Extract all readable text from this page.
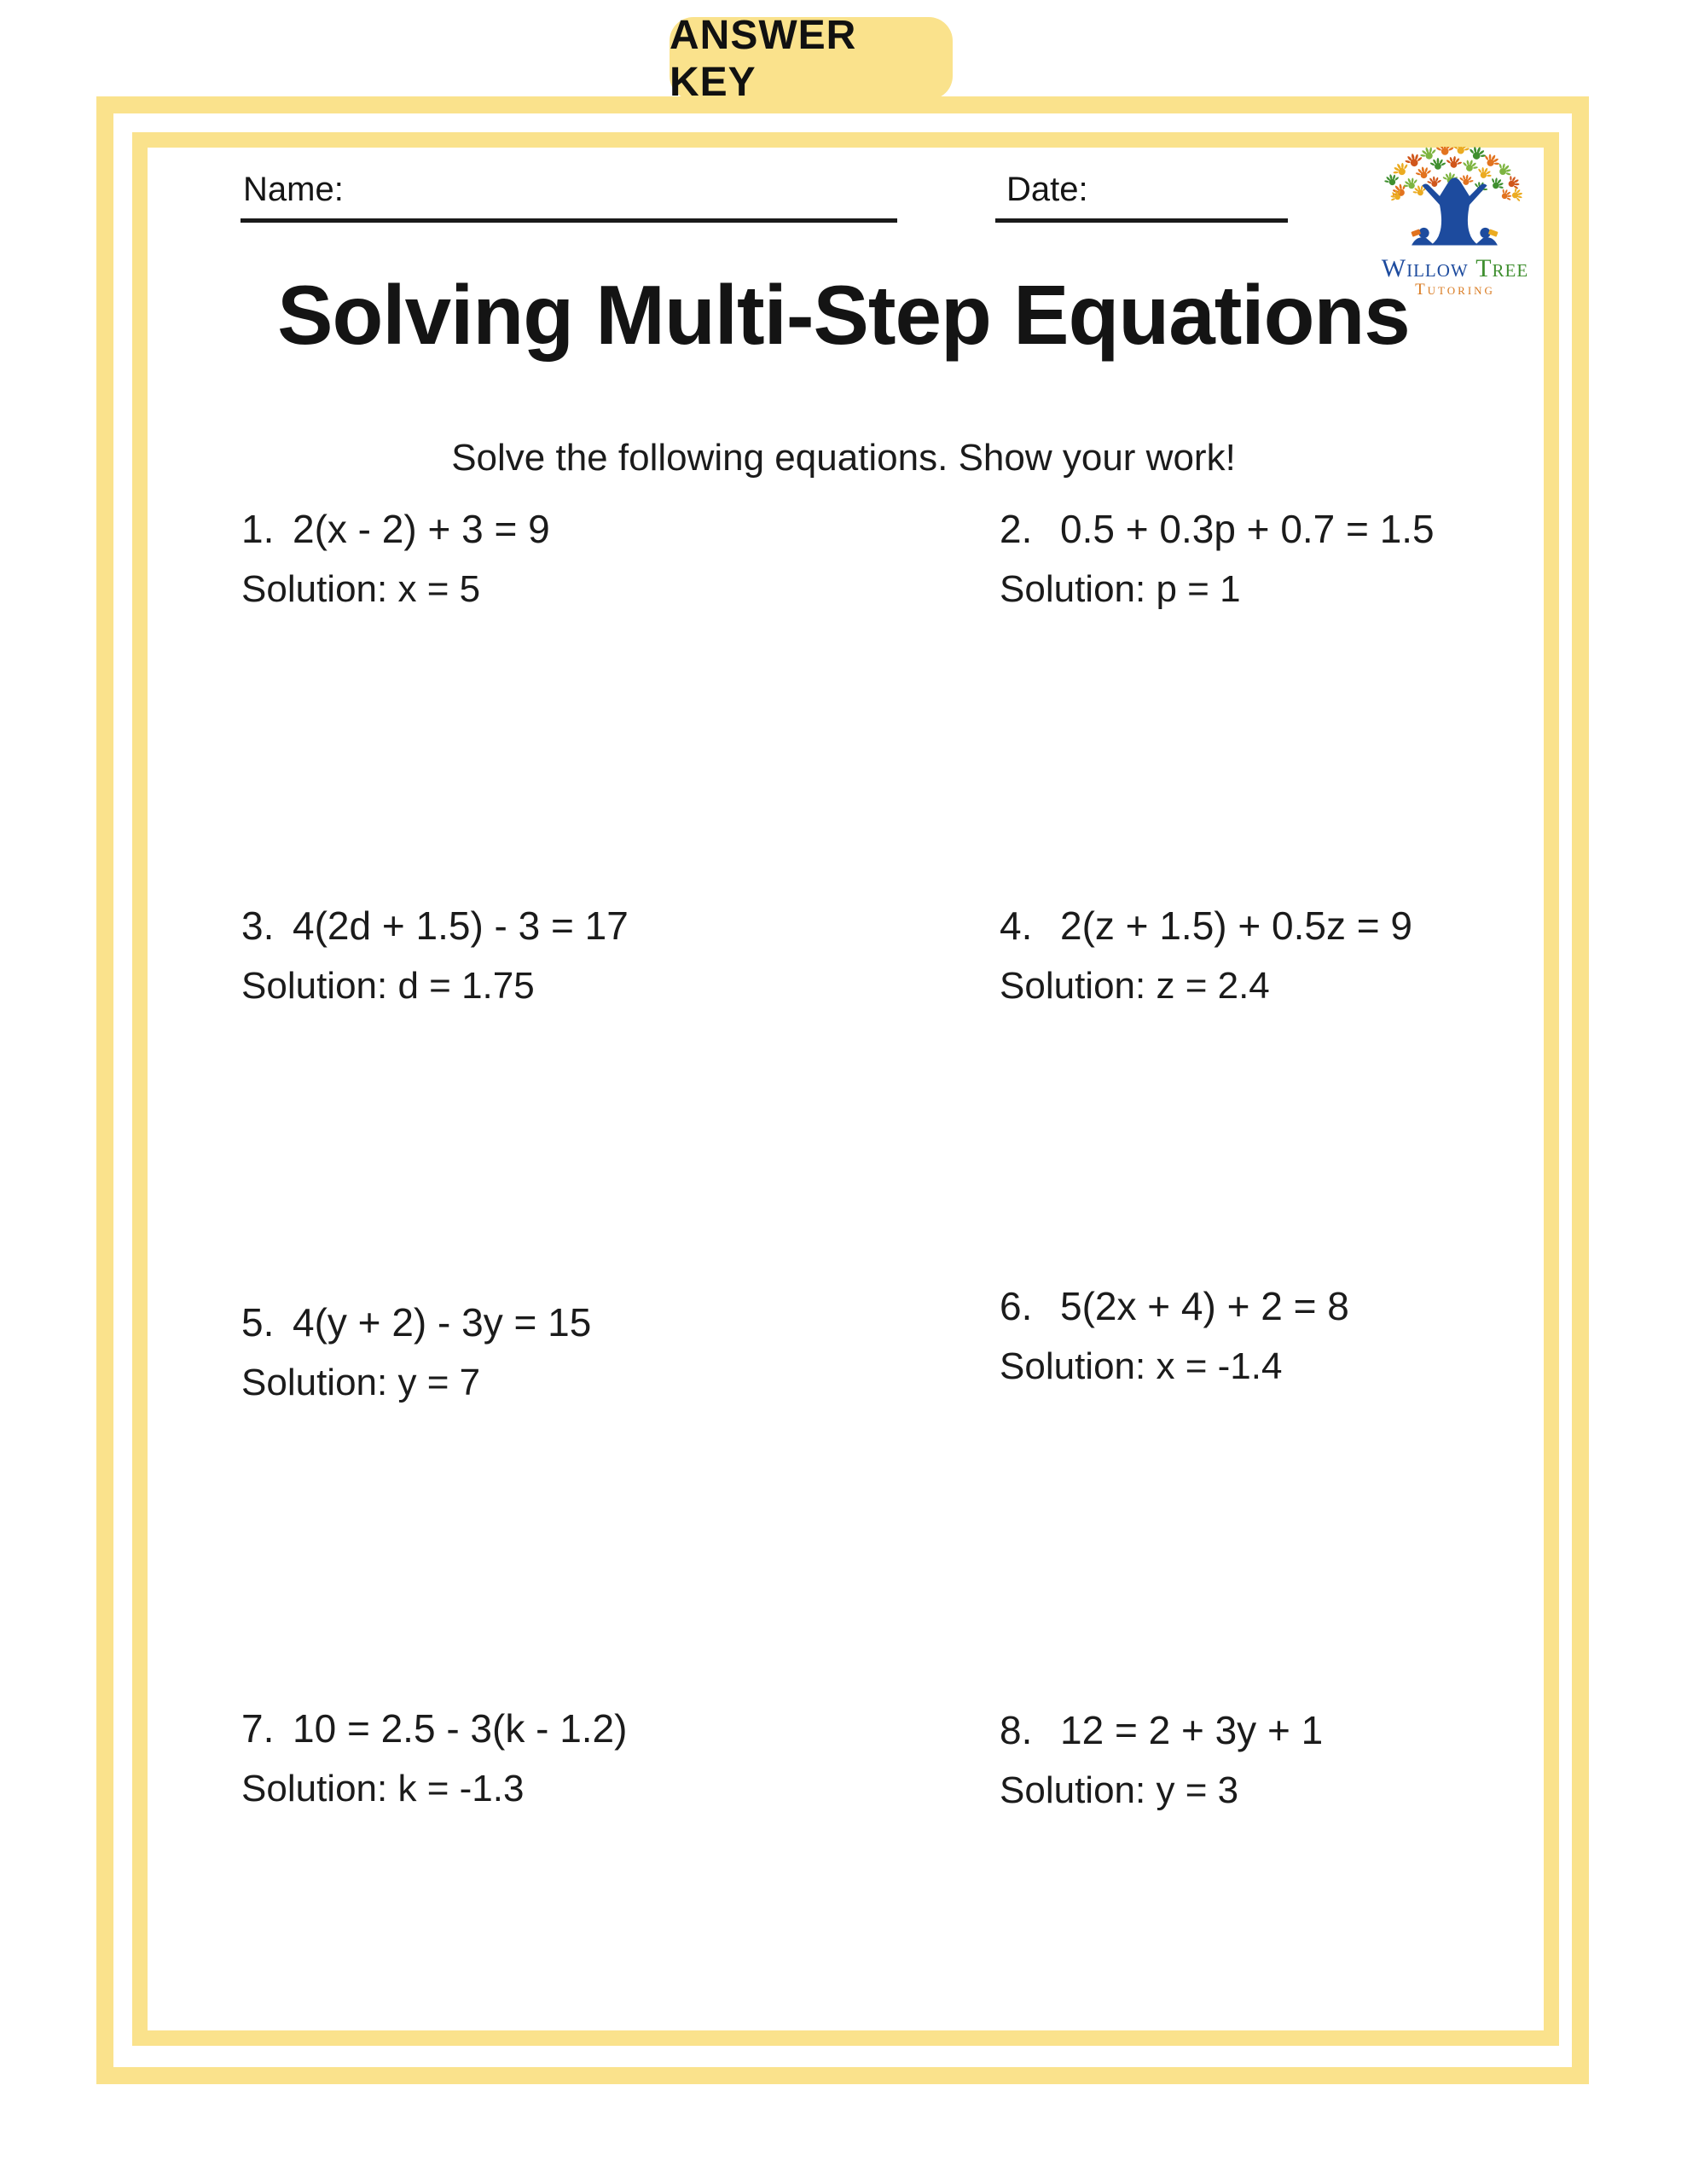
ANSWER KEY
Name:	Date:
Willow Tree
Tutoring
Solving Multi-Step Equations
Solve the following equations. Show your work!
1. 2(x - 2) + 3 = 9
Solution: x = 5
2. 0.5 + 0.3p + 0.7 = 1.5
Solution: p = 1
3. 4(2d + 1.5) - 3 = 17
Solution: d = 1.75
4. 2(z + 1.5) + 0.5z = 9
Solution: z = 2.4
5. 4(y + 2) - 3y = 15
Solution: y = 7
6. 5(2x + 4) + 2 = 8
Solution: x = -1.4
7. 10 = 2.5 - 3(k - 1.2)
Solution: k = -1.3
8. 12 = 2 + 3y + 1
Solution: y = 3
